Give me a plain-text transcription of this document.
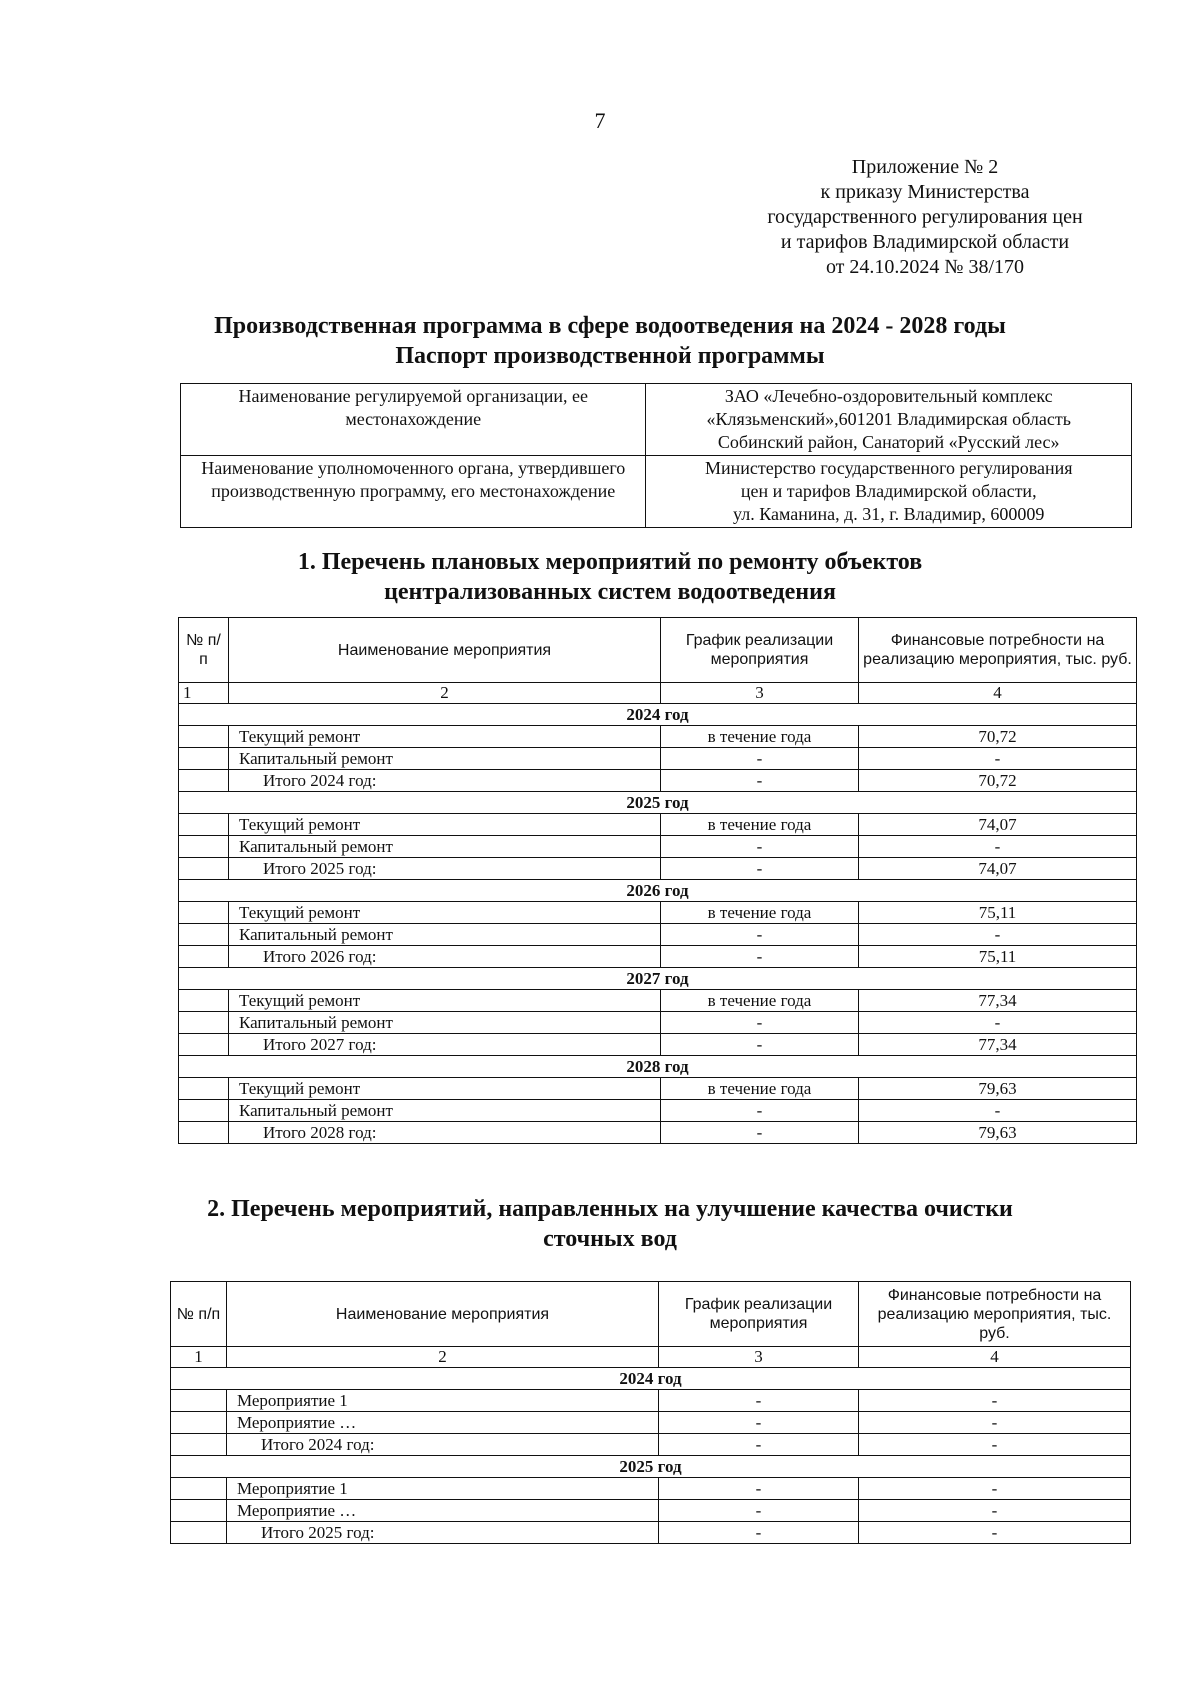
7
Приложение № 2
к приказу Министерства
государственного регулирования цен
и тарифов Владимирской области
от 24.10.2024 № 38/170
Производственная программа в сфере водоотведения на 2024 - 2028 годы
Паспорт производственной программы
Наименование регулируемой организации, ее местонахождение	ЗАО «Лечебно-оздоровительный комплекс
«Клязьменский»,601201 Владимирская область
Собинский район, Санаторий «Русский лес»

Наименование уполномоченного органа, утвердившего производственную программу, его местонахождение	Министерство государственного регулирования
цен и тарифов Владимирской области,
ул. Каманина, д. 31, г. Владимир, 600009
1. Перечень плановых мероприятий по ремонту объектов
централизованных систем водоотведения
№ п/п	Наименование мероприятия	График реализации мероприятия	Финансовые потребности на реализацию мероприятия, тыс. руб.
1	2	3	4
2024 год			
	Текущий ремонт	в течение года	70,72
	Капитальный ремонт	-	-
	Итого 2024 год:	-	70,72
2025 год			
	Текущий ремонт	в течение года	74,07
	Капитальный ремонт	-	-
	Итого 2025 год:	-	74,07
2026 год			
	Текущий ремонт	в течение года	75,11
	Капитальный ремонт	-	-
	Итого 2026 год:	-	75,11
2027 год			
	Текущий ремонт	в течение года	77,34
	Капитальный ремонт	-	-
	Итого 2027 год:	-	77,34
2028 год			
	Текущий ремонт	в течение года	79,63
	Капитальный ремонт	-	-
	Итого 2028 год:	-	79,63
2. Перечень мероприятий, направленных на улучшение качества очистки
сточных вод
№ п/п	Наименование мероприятия	График реализации мероприятия	Финансовые потребности на реализацию мероприятия, тыс. руб.
1	2	3	4
2024 год			
	Мероприятие 1	-	-
	Мероприятие …	-	-
	Итого 2024 год:	-	-
2025 год			
	Мероприятие 1	-	-
	Мероприятие …	-	-
	Итого 2025 год:	-	-
